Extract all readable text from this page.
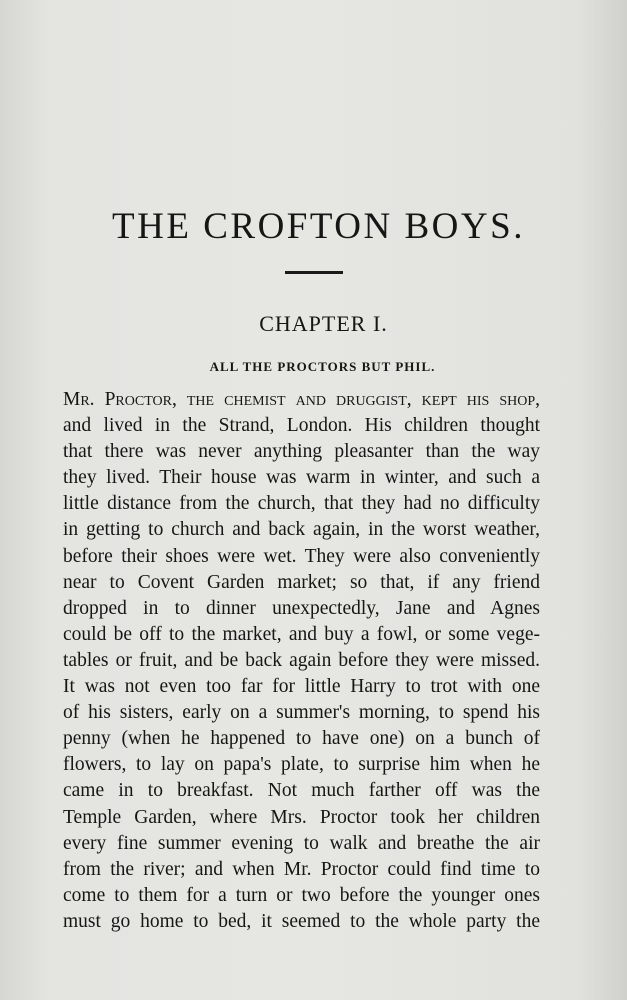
THE CROFTON BOYS.
CHAPTER I.
ALL THE PROCTORS BUT PHIL.
Mr. Proctor, the chemist and druggist, kept his shop,
and lived in the Strand, London. His children thought
that there was never anything pleasanter than the way
they lived. Their house was warm in winter, and such a
little distance from the church, that they had no difficulty
in getting to church and back again, in the worst weather,
before their shoes were wet. They were also conveniently
near to Covent Garden market; so that, if any friend
dropped in to dinner unexpectedly, Jane and Agnes
could be off to the market, and buy a fowl, or some vege-
tables or fruit, and be back again before they were missed.
It was not even too far for little Harry to trot with one
of his sisters, early on a summer's morning, to spend his
penny (when he happened to have one) on a bunch of
flowers, to lay on papa's plate, to surprise him when he
came in to breakfast. Not much farther off was the
Temple Garden, where Mrs. Proctor took her children
every fine summer evening to walk and breathe the air
from the river; and when Mr. Proctor could find time to
come to them for a turn or two before the younger ones
must go home to bed, it seemed to the whole party the
